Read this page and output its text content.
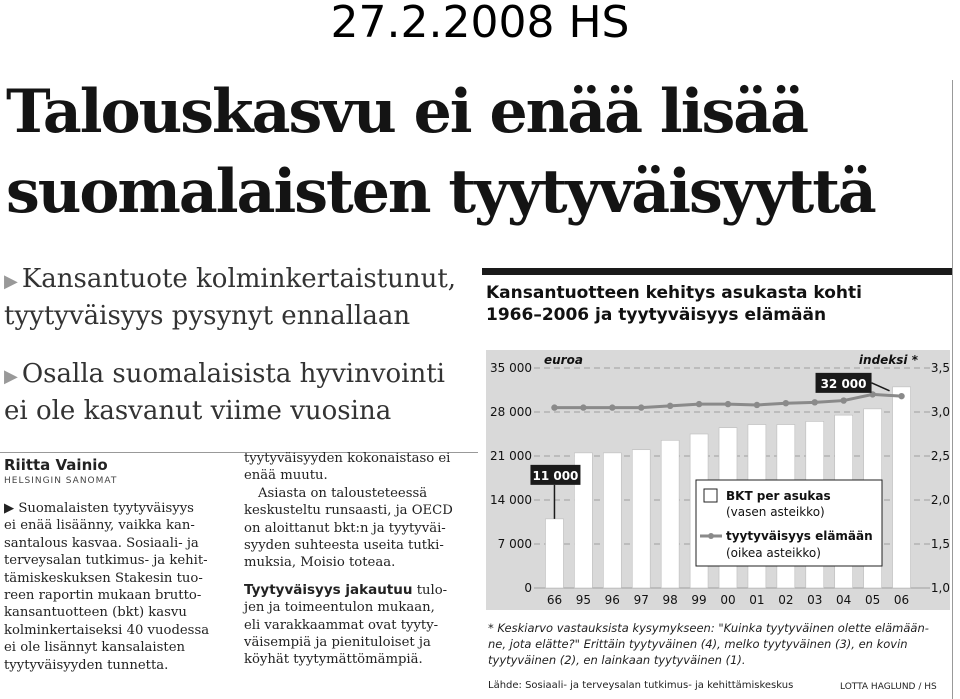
27.2.2008 HS
Talouskasvu ei enää lisää
suomalaisten tyytyväisyyttä
▶ Kansantuote kolminkertaistunut,
tyytyväisyys pysynyt ennallaan
▶ Osalla suomalaisista hyvinvointi
ei ole kasvanut viime vuosina
Riitta Vainio
HELSINGIN SANOMAT

▶ Suomalaisten tyytyväisyys

ei enää lisäänny, vaikka kan-

santalous kasvaa. Sosiaali- ja

terveysalan tutkimus- ja kehit-

tämiskeskuksen Stakesin tuo-

reen raportin mukaan brutto-

kansantuotteen (bkt) kasvu

kolminkertaiseksi 40 vuodessa

ei ole lisännyt kansalaisten

tyytyväisyyden tunnetta.

tyytyväisyyden kokonaistaso ei

enää muutu.

Asiasta on talousteteessä

keskusteltu runsaasti, ja OECD

on aloittanut bkt:n ja tyytyväi-

syyden suhteesta useita tutki-

muksia, Moisio toteaa.

Tyytyväisyys jakautuu tulo-

jen ja toimeentulon mukaan,

eli varakkaammat ovat tyyty-

väisempiä ja pienituloiset ja

köyhät tyytymättömämpiä.

Kansantuotteen kehitys asukasta kohti
1966–2006 ja tyytyväisyys elämään
0
7 000
14 000
21 000
28 000
35 000
1,0
1,5
2,0
2,5
3,0
3,5
euroa	indeksi *
66 95 96 97 98 99 00 01 02 03 04 05 06
11 000
32 000
BKT per asukas
(vasen asteikko)
tyytyväisyys elämään
(oikea asteikko)
* Keskiarvo vastauksista kysymykseen: "Kuinka tyytyväinen olette elämään-
ne, jota elätte?" Erittäin tyytyväinen (4), melko tyytyväinen (3), en kovin
tyytyväinen (2), en lainkaan tyytyväinen (1).
Lähde: Sosiaali- ja terveysalan tutkimus- ja kehittämiskeskus	LOTTA HAGLUND / HS
